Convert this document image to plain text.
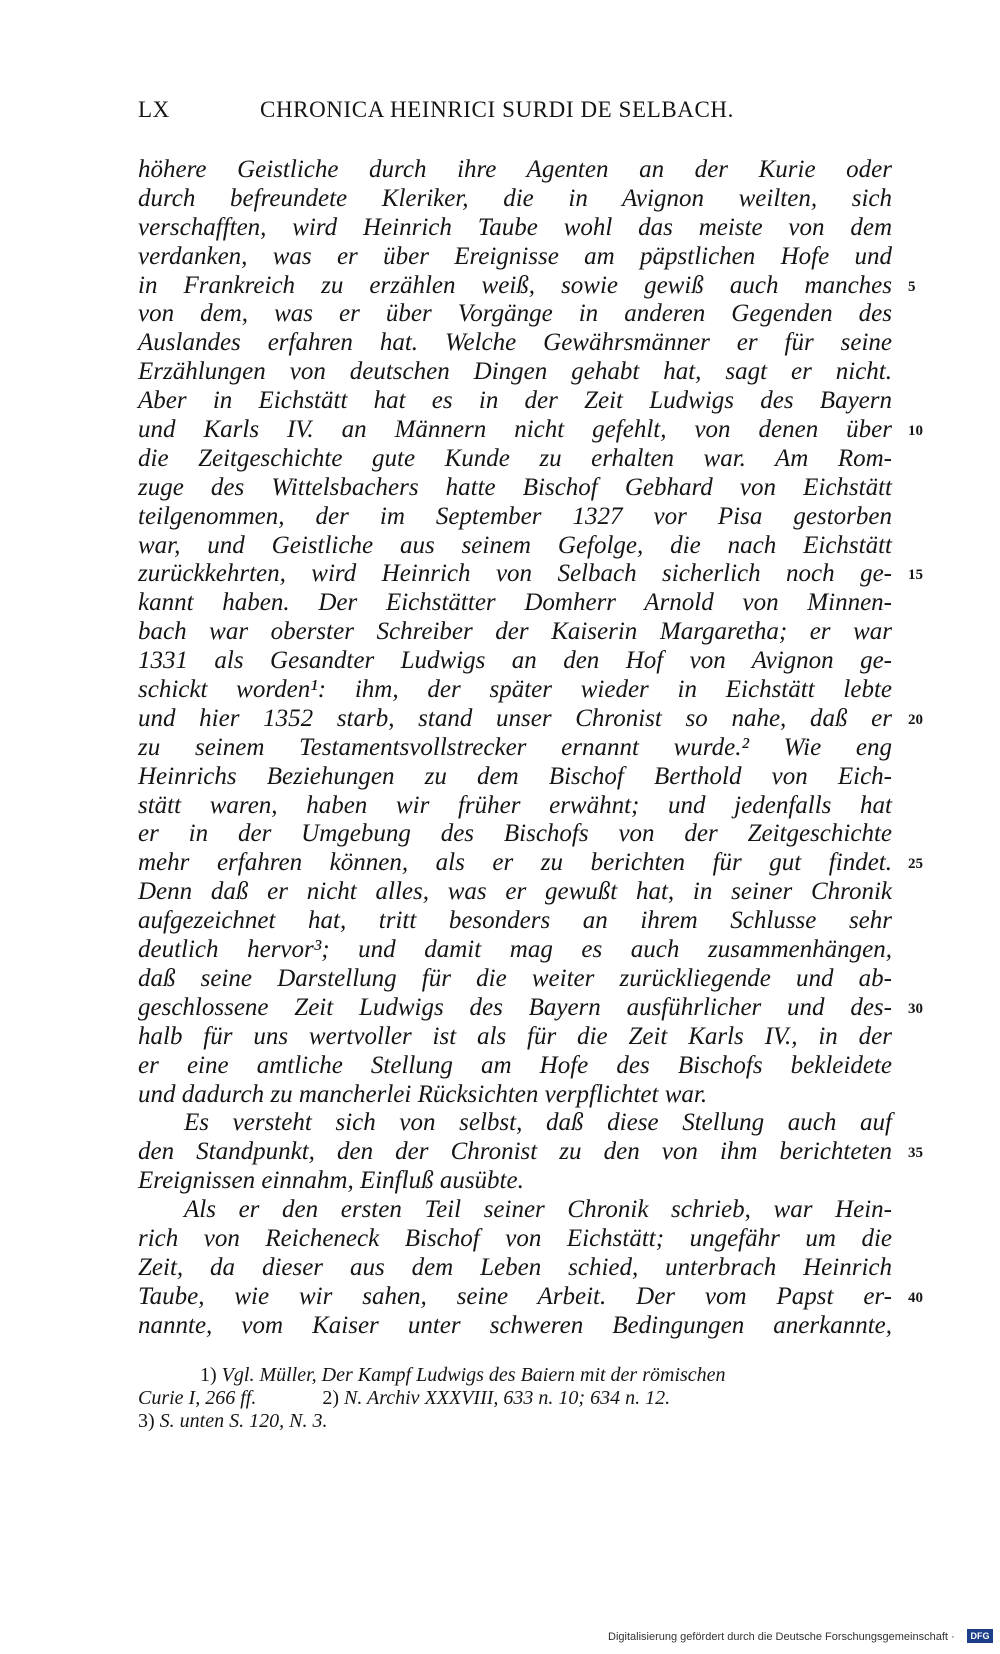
LX	CHRONICA HEINRICI SURDI DE SELBACH.
höhere Geistliche durch ihre Agenten an der Kurie oder
durch befreundete Kleriker, die in Avignon weilten, sich
verschafften, wird Heinrich Taube wohl das meiste von dem
verdanken, was er über Ereignisse am päpstlichen Hofe und
in Frankreich zu erzählen weiß, sowie gewiß auch manches 5
von dem, was er über Vorgänge in anderen Gegenden des
Auslandes erfahren hat. Welche Gewährsmänner er für seine
Erzählungen von deutschen Dingen gehabt hat, sagt er nicht.
Aber in Eichstätt hat es in der Zeit Ludwigs des Bayern
und Karls IV. an Männern nicht gefehlt, von denen über 10
die Zeitgeschichte gute Kunde zu erhalten war. Am Rom-
zuge des Wittelsbachers hatte Bischof Gebhard von Eichstätt
teilgenommen, der im September 1327 vor Pisa gestorben
war, und Geistliche aus seinem Gefolge, die nach Eichstätt
zurückkehrten, wird Heinrich von Selbach sicherlich noch ge- 15
kannt haben. Der Eichstätter Domherr Arnold von Minnen-
bach war oberster Schreiber der Kaiserin Margaretha; er war
1331 als Gesandter Ludwigs an den Hof von Avignon ge-
schickt worden¹: ihm, der später wieder in Eichstätt lebte
und hier 1352 starb, stand unser Chronist so nahe, daß er 20
zu seinem Testamentsvollstrecker ernannt wurde.² Wie eng
Heinrichs Beziehungen zu dem Bischof Berthold von Eich-
stätt waren, haben wir früher erwähnt; und jedenfalls hat
er in der Umgebung des Bischofs von der Zeitgeschichte
mehr erfahren können, als er zu berichten für gut findet. 25
Denn daß er nicht alles, was er gewußt hat, in seiner Chronik
aufgezeichnet hat, tritt besonders an ihrem Schlusse sehr
deutlich hervor³; und damit mag es auch zusammenhängen,
daß seine Darstellung für die weiter zurückliegende und ab-
geschlossene Zeit Ludwigs des Bayern ausführlicher und des- 30
halb für uns wertvoller ist als für die Zeit Karls IV., in der
er eine amtliche Stellung am Hofe des Bischofs bekleidete
und dadurch zu mancherlei Rücksichten verpflichtet war.
Es versteht sich von selbst, daß diese Stellung auch auf
den Standpunkt, den der Chronist zu den von ihm berichteten 35
Ereignissen einnahm, Einfluß ausübte.
Als er den ersten Teil seiner Chronik schrieb, war Hein-
rich von Reicheneck Bischof von Eichstätt; ungefähr um die
Zeit, da dieser aus dem Leben schied, unterbrach Heinrich
Taube, wie wir sahen, seine Arbeit. Der vom Papst er- 40
nannte, vom Kaiser unter schweren Bedingungen anerkannte,
1) Vgl. Müller, Der Kampf Ludwigs des Baiern mit der römischen
Curie I, 266 ff.	2) N. Archiv XXXVIII, 633 n. 10; 634 n. 12.
3) S. unten S. 120, N. 3.
Digitalisierung gefördert durch die Deutsche Forschungsgemeinschaft ·	DFG
